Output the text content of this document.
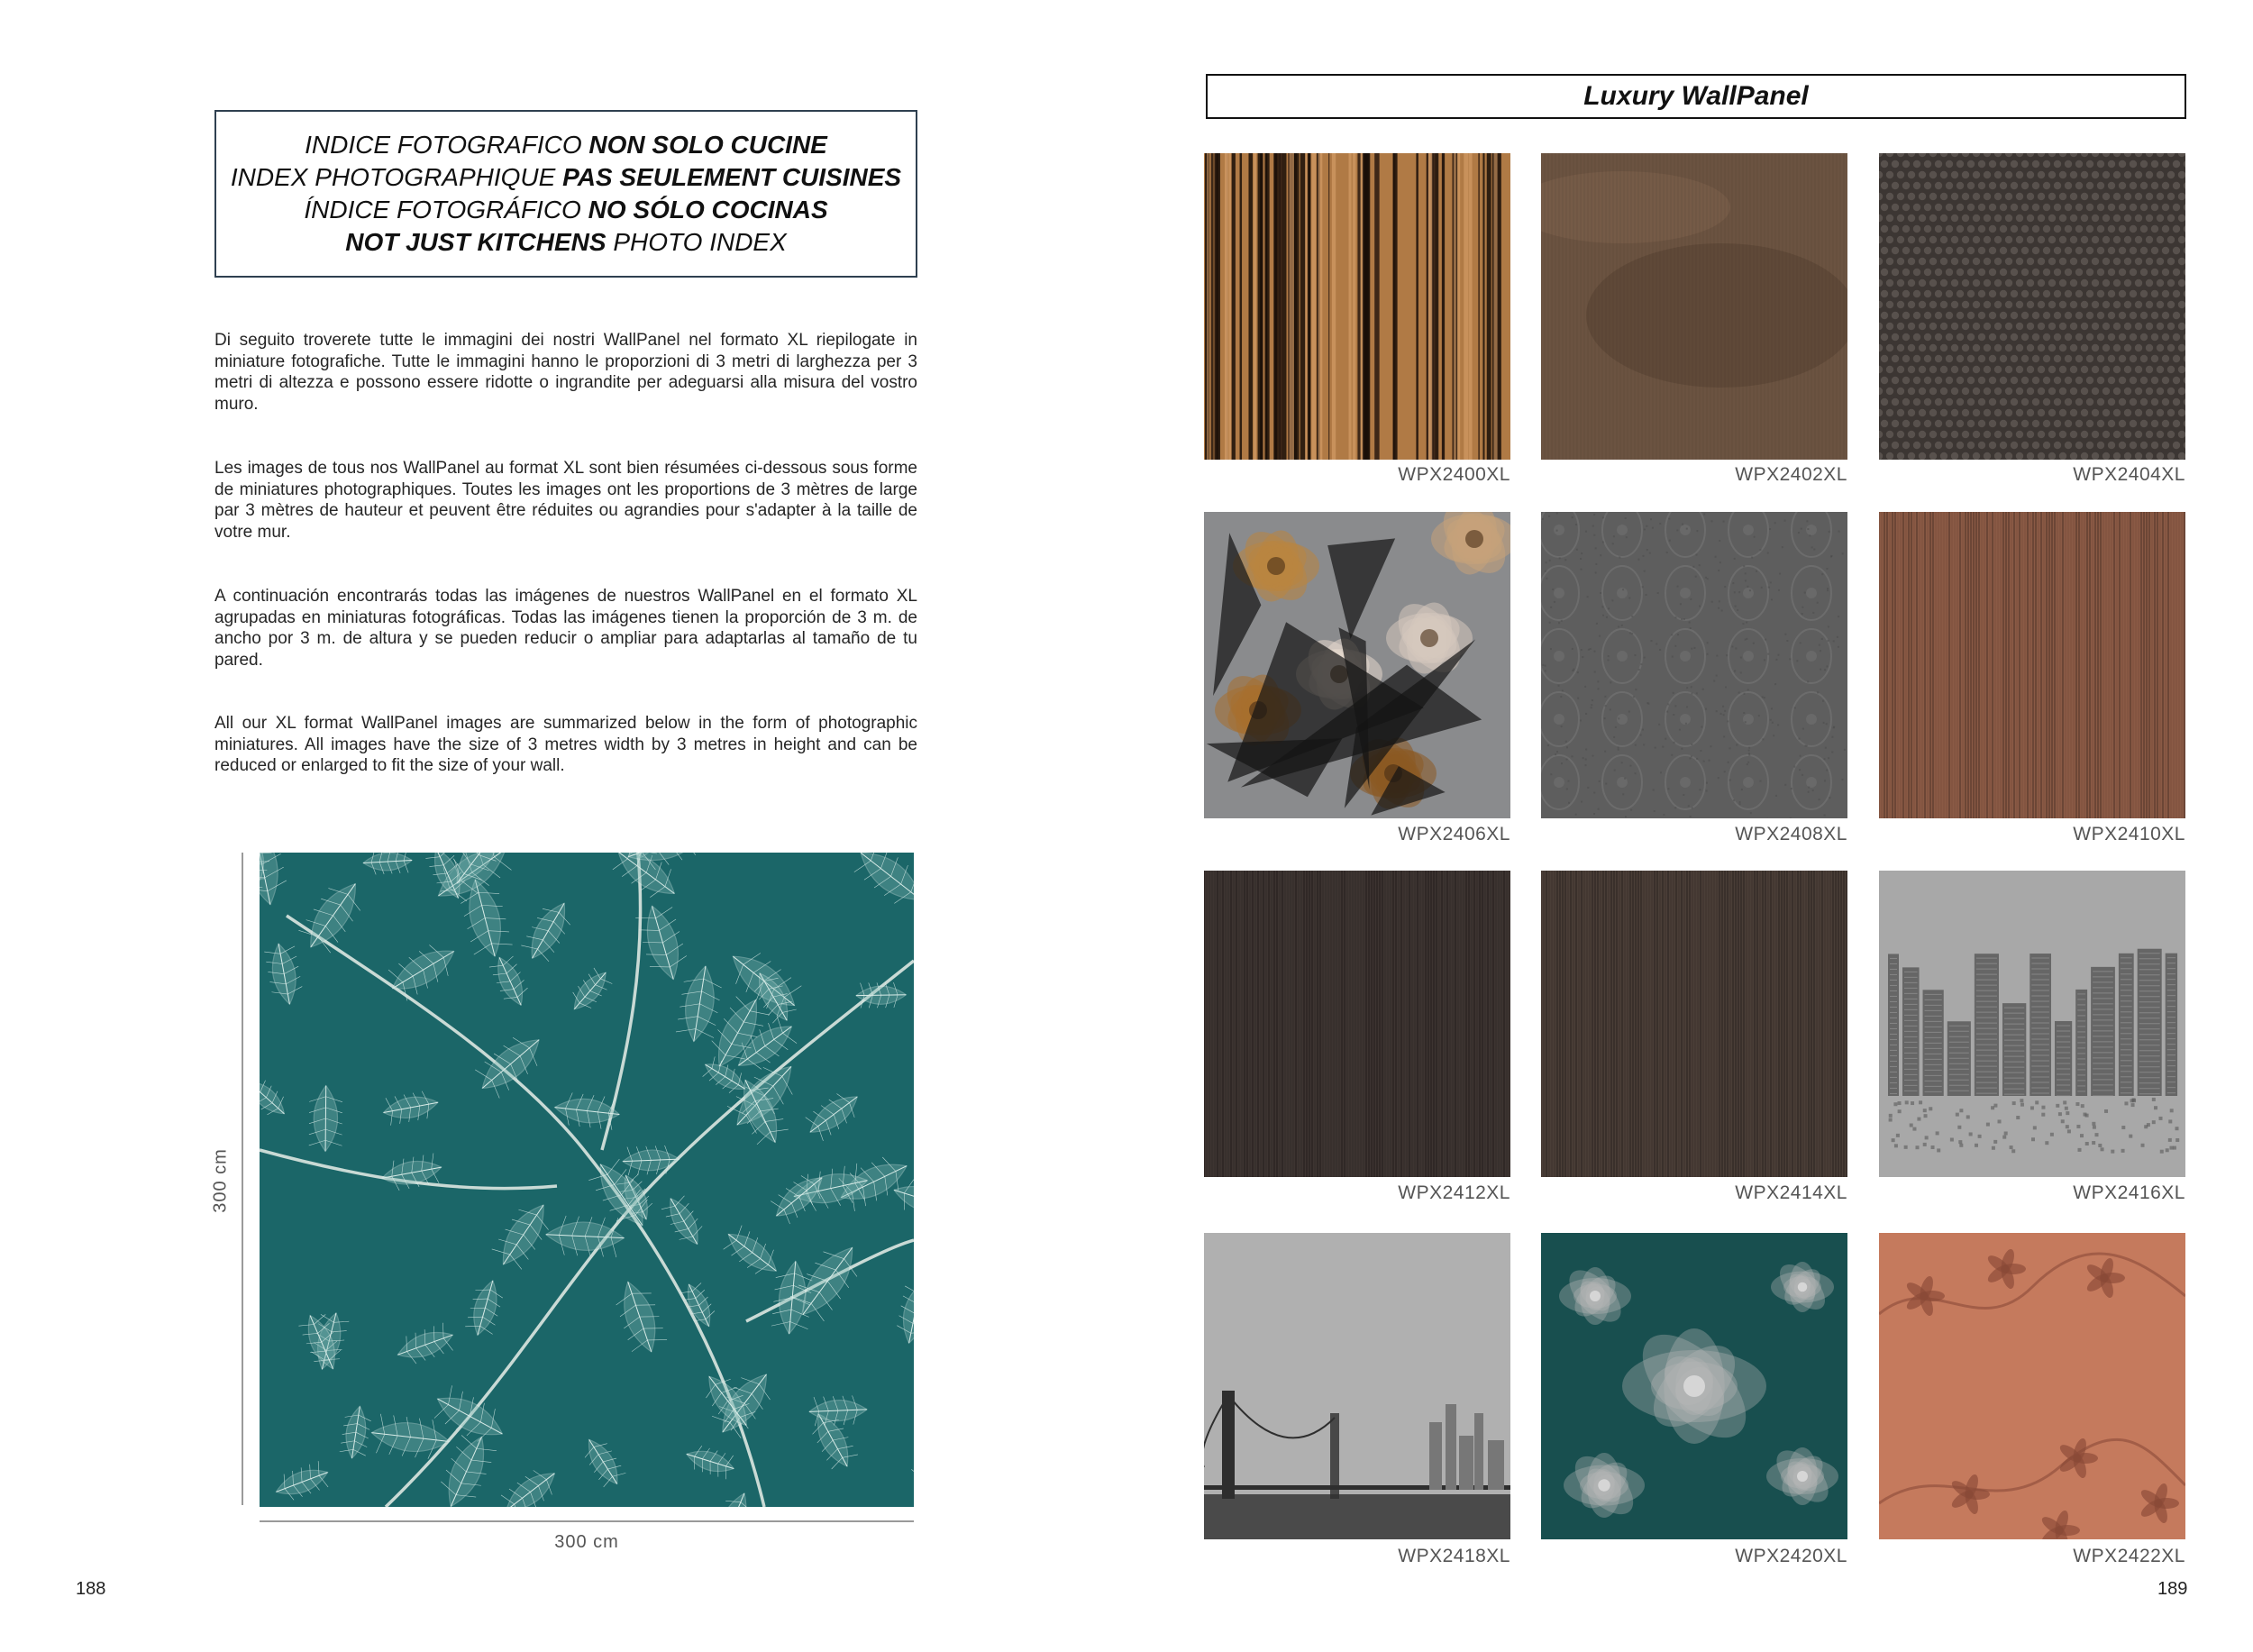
INDICE FOTOGRAFICO NON SOLO CUCINE
INDEX PHOTOGRAPHIQUE PAS SEULEMENT CUISINES
ÍNDICE FOTOGRÁFICO NO SÓLO COCINAS
NOT JUST KITCHENS PHOTO INDEX

Di seguito troverete tutte le immagini dei nostri WallPanel nel formato XL riepilogate in miniature fotografiche. Tutte le immagini hanno le proporzioni di 3 metri di larghezza per 3 metri di altezza e possono essere ridotte o ingrandite per adeguarsi alla misura del vostro muro.

Les images de tous nos WallPanel au format XL sont bien résumées ci-dessous sous forme de miniatures photographiques. Toutes les images ont les proportions de 3 mètres de large par 3 mètres de hauteur et peuvent être réduites ou agrandies pour s'adapter à la taille de votre mur.

A continuación encontrarás todas las imágenes de nuestros WallPanel en el formato XL agrupadas en miniaturas fotográficas. Todas las imágenes tienen la proporción de 3 m. de ancho por 3 m. de altura y se pueden reducir o ampliar para adaptarlas al tamaño de tu pared.

All our XL format WallPanel images are summarized below in the form of photographic miniatures. All images have the size of 3 metres width by 3 metres in height and can be reduced or enlarged to fit the size of your wall.

300 cm
300 cm
188
Luxury WallPanel
WPX2400XL	WPX2402XL	WPX2404XL
WPX2406XL	WPX2408XL	WPX2410XL
WPX2412XL	WPX2414XL	WPX2416XL
WPX2418XL	WPX2420XL	WPX2422XL
189
